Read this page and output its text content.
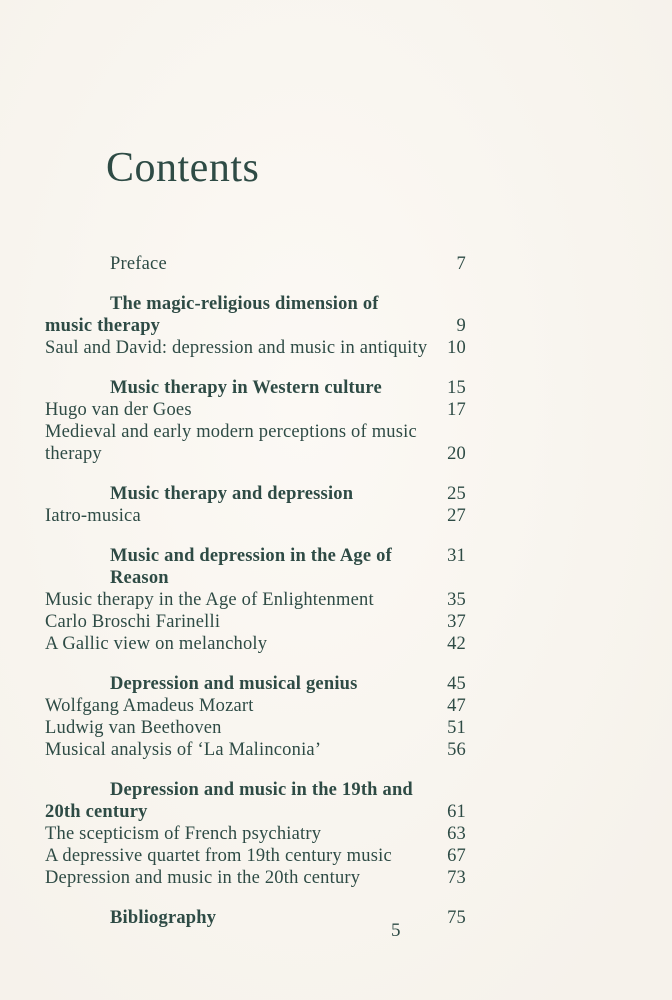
Contents
Preface	7
The magic-religious dimension of
music therapy	9
Saul and David: depression and music in antiquity 10
Music therapy in Western culture	15
Hugo van der Goes	17
Medieval and early modern perceptions of music
therapy	20
Music therapy and depression	25
Iatro-musica	27
Music and depression in the Age of Reason
31
Music therapy in the Age of Enlightenment	35
Carlo Broschi Farinelli	37
A Gallic view on melancholy	42
Depression and musical genius	45
Wolfgang Amadeus Mozart	47
Ludwig van Beethoven	51
Musical analysis of ‘La Malinconia’	56
Depression and music in the 19th and
20th century	61
The scepticism of French psychiatry	63
A depressive quartet from 19th century music	67
Depression and music in the 20th century	73
Bibliography	75
5
